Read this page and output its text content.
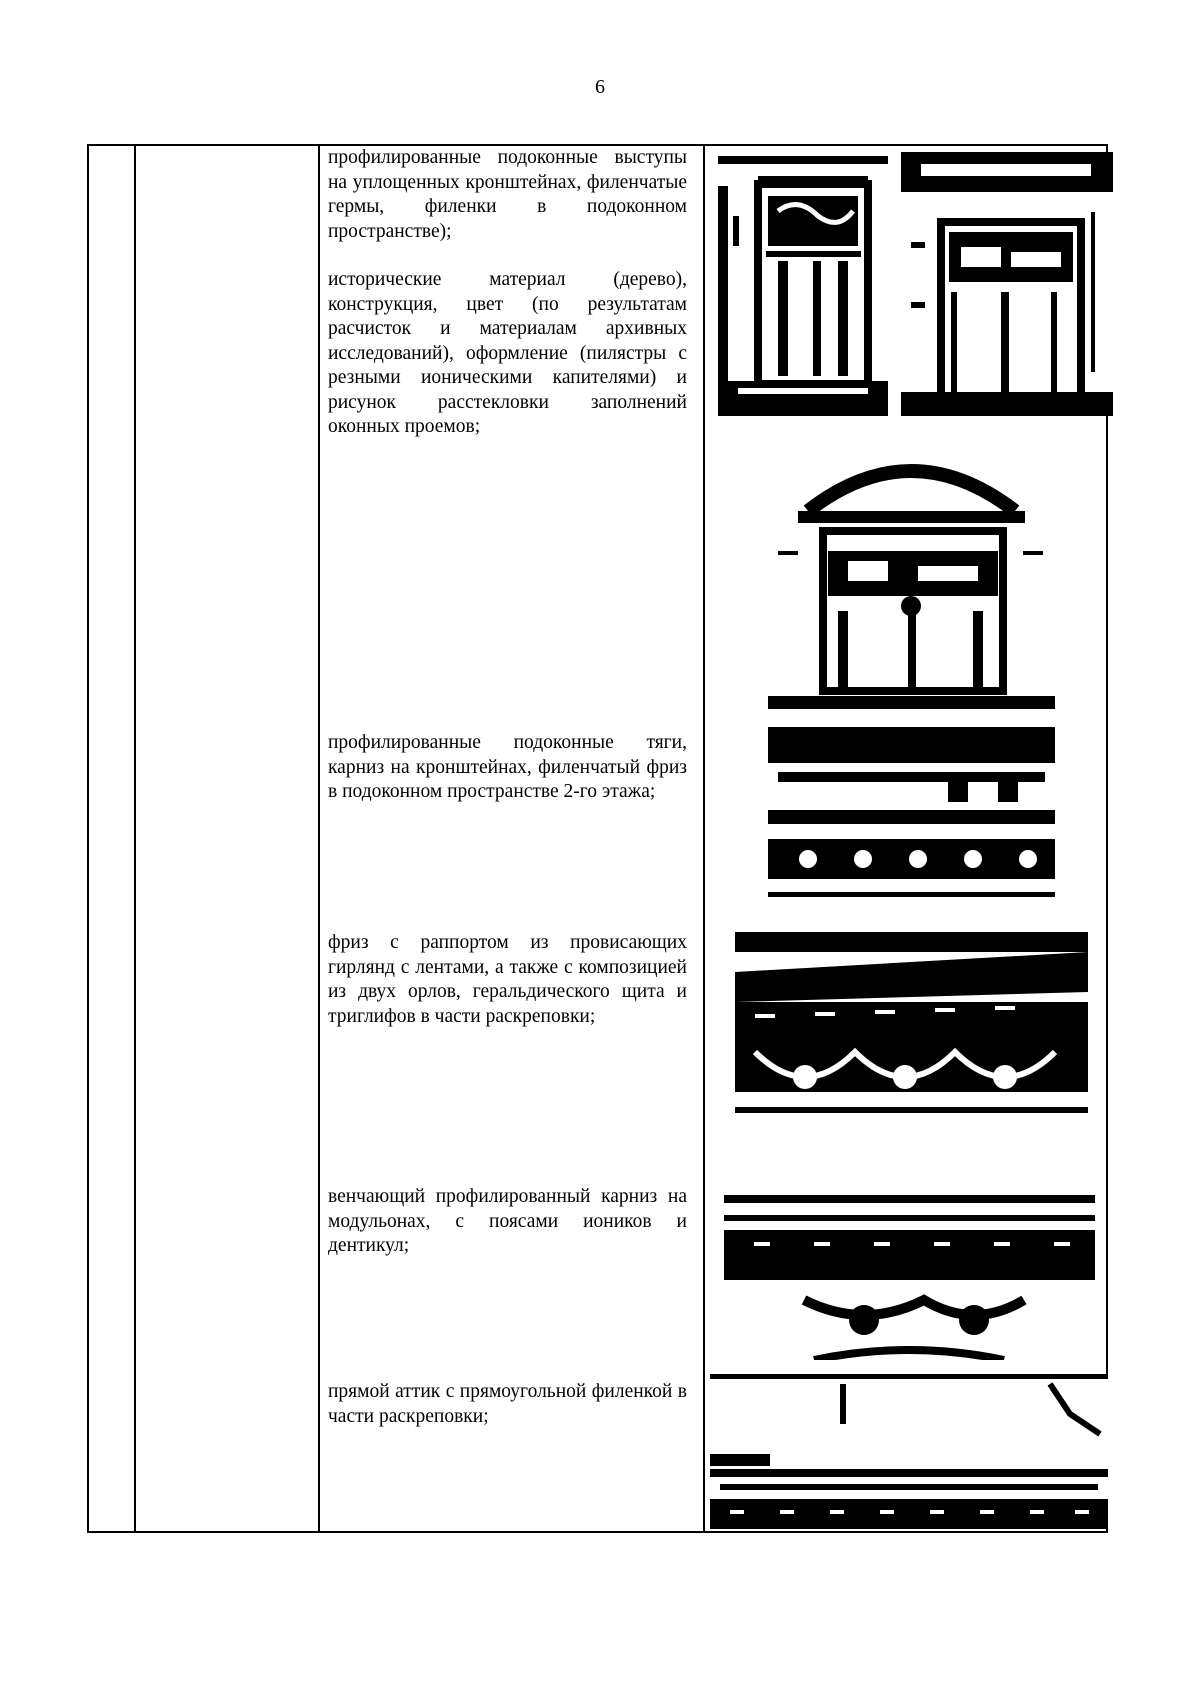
6

профилированные подоконные выступы на уплощенных кронштейнах, филенчатые гермы, филенки в подоконном пространстве);

исторические материал (дерево), конструкция, цвет (по результатам расчисток и материалам архивных исследований), оформление (пилястры с резными ионическими капителями) и рисунок расстекловки заполнений оконных проемов;

профилированные подоконные тяги, карниз на кронштейнах, филенчатый фриз в подоконном пространстве 2-го этажа;

фриз с раппортом из провисающих гирлянд с лентами, а также с композицией из двух орлов, геральдического щита и триглифов в части раскреповки;

венчающий профилированный карниз на модульонах, с поясами иоников и дентикул;

прямой аттик с прямоугольной филенкой в части раскреповки;
